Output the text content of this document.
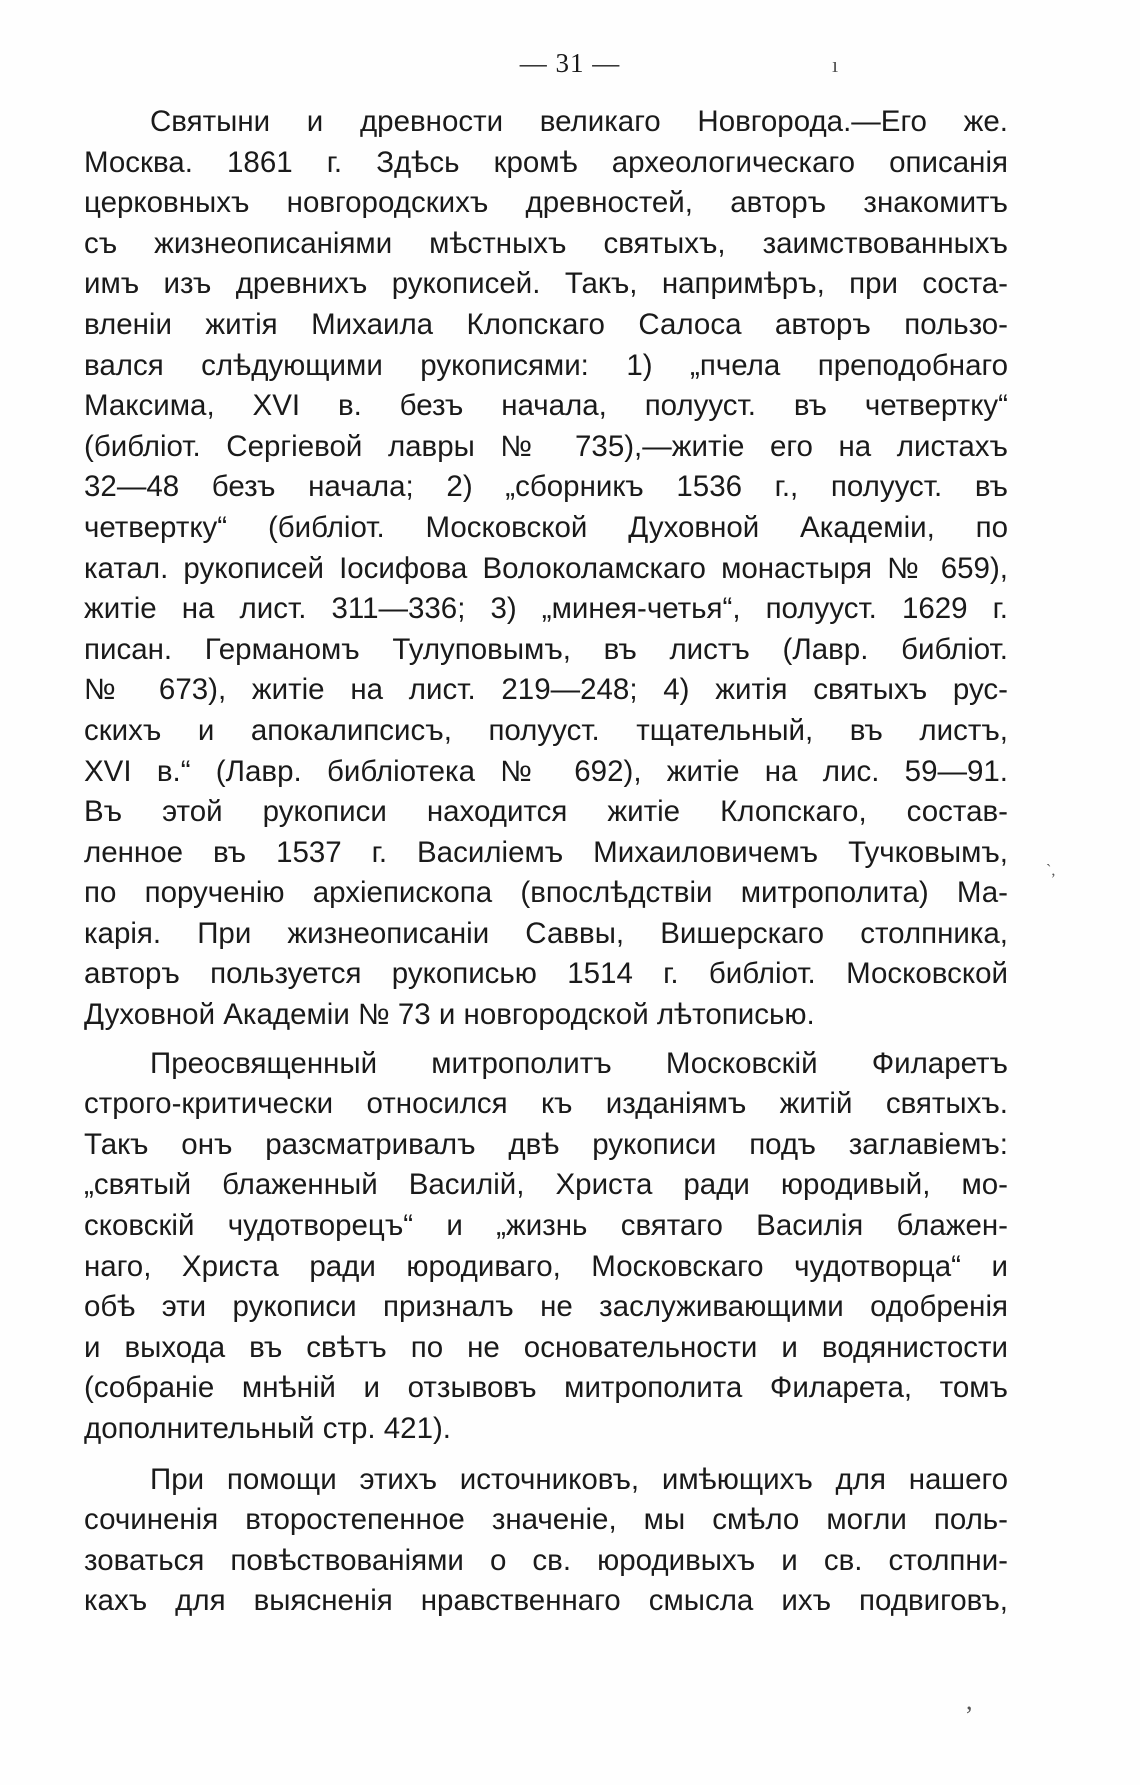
— 31 —	ı
`,
,
Святыни и древности великаго Новгорода.—Его же.
Москва. 1861 г. Здѣсь кромѣ археологическаго описанія
церковныхъ новгородскихъ древностей, авторъ знакомитъ
съ жизнеописаніями мѣстныхъ святыхъ, заимствованныхъ
имъ изъ древнихъ рукописей. Такъ, напримѣръ, при соста-
вленіи житія Михаила Клопскаго Салоса авторъ пользо-
вался слѣдующими рукописями: 1) „пчела преподобнаго
Максима, XVI в. безъ начала, полууст. въ четвертку“
(библіот. Сергіевой лавры № 735),—житіе его на листахъ
32—48 безъ начала; 2) „сборникъ 1536 г., полууст. въ
четвертку“ (библіот. Московской Духовной Академіи, по
катал. рукописей Іосифова Волоколамскаго монастыря № 659),
житіе на лист. 311—336; 3) „минея-четья“, полууст. 1629 г.
писан. Германомъ Тулуповымъ, въ листъ (Лавр. библіот.
№ 673), житіе на лист. 219—248; 4) житія святыхъ рус-
скихъ и апокалипсисъ, полууст. тщательный, въ листъ,
XVI в.“ (Лавр. библіотека № 692), житіе на лис. 59—91.
Въ этой рукописи находится житіе Клопскаго, состав-
ленное въ 1537 г. Василіемъ Михаиловичемъ Тучковымъ,
по порученію архіепископа (впослѣдствіи митрополита) Ма-
карія. При жизнеописаніи Саввы, Вишерскаго столпника,
авторъ пользуется рукописью 1514 г. библіот. Московской
Духовной Академіи № 73 и новгородской лѣтописью.
Преосвященный митрополитъ Московскій Филаретъ
строго-критически относился къ изданіямъ житій святыхъ.
Такъ онъ разсматривалъ двѣ рукописи подъ заглавіемъ:
„святый блаженный Василій, Христа ради юродивый, мо-
сковскій чудотворецъ“ и „жизнь святаго Василія блажен-
наго, Христа ради юродиваго, Московскаго чудотворца“ и
обѣ эти рукописи призналъ не заслуживающими одобренія
и выхода въ свѣтъ по не основательности и водянистости
(собраніе мнѣній и отзывовъ митрополита Филарета, томъ
дополнительный стр. 421).
При помощи этихъ источниковъ, имѣющихъ для нашего
сочиненія второстепенное значеніе, мы смѣло могли поль-
зоваться повѣствованіями о св. юродивыхъ и св. столпни-
кахъ для выясненія нравственнаго смысла ихъ подвиговъ,
